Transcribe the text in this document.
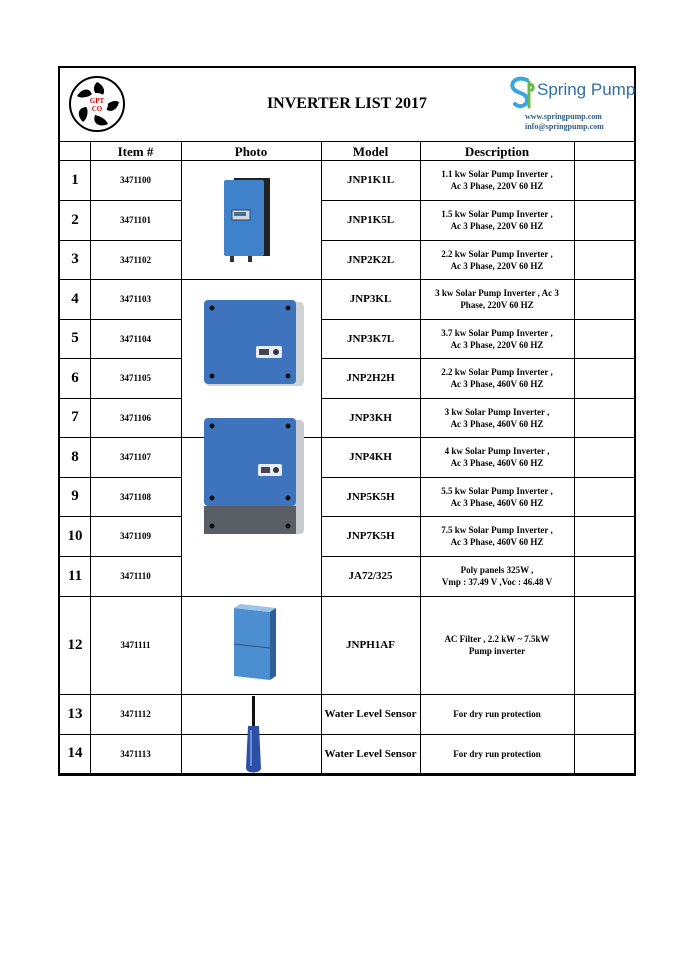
GPT
CO	INVERTER LIST 2017
Spring Pump
www.springpump.com
info@springpump.com
Item #	Photo	Model	Description
1	3471100	JNP1K1L	1.1 kw Solar Pump Inverter ,
Ac 3 Phase, 220V 60 HZ
2	3471101	JNP1K5L	1.5 kw Solar Pump Inverter ,
Ac 3 Phase, 220V 60 HZ
3	3471102	JNP2K2L	2.2 kw Solar Pump Inverter ,
Ac 3 Phase, 220V 60 HZ
4	3471103	JNP3KL	3 kw Solar Pump Inverter , Ac 3
Phase, 220V 60 HZ
5	3471104	JNP3K7L	3.7 kw Solar Pump Inverter ,
Ac 3 Phase, 220V 60 HZ
6	3471105	JNP2H2H	2.2 kw Solar Pump Inverter ,
Ac 3 Phase, 460V 60 HZ
7	3471106	JNP3KH	3 kw Solar Pump Inverter ,
Ac 3 Phase, 460V 60 HZ
8	3471107	JNP4KH	4 kw Solar Pump Inverter ,
Ac 3 Phase, 460V 60 HZ
9	3471108	JNP5K5H	5.5 kw Solar Pump Inverter ,
Ac 3 Phase, 460V 60 HZ
10	3471109	JNP7K5H	7.5 kw Solar Pump Inverter ,
Ac 3 Phase, 460V 60 HZ
11	3471110	JA72/325	Poly panels 325W ,
Vmp : 37.49 V ,Voc : 46.48 V
12	3471111	JNPH1AF	AC Filter , 2.2 kW ~ 7.5kW
Pump inverter
13	3471112	Water Level Sensor	For dry run protection
14	3471113	Water Level Sensor	For dry run protection
